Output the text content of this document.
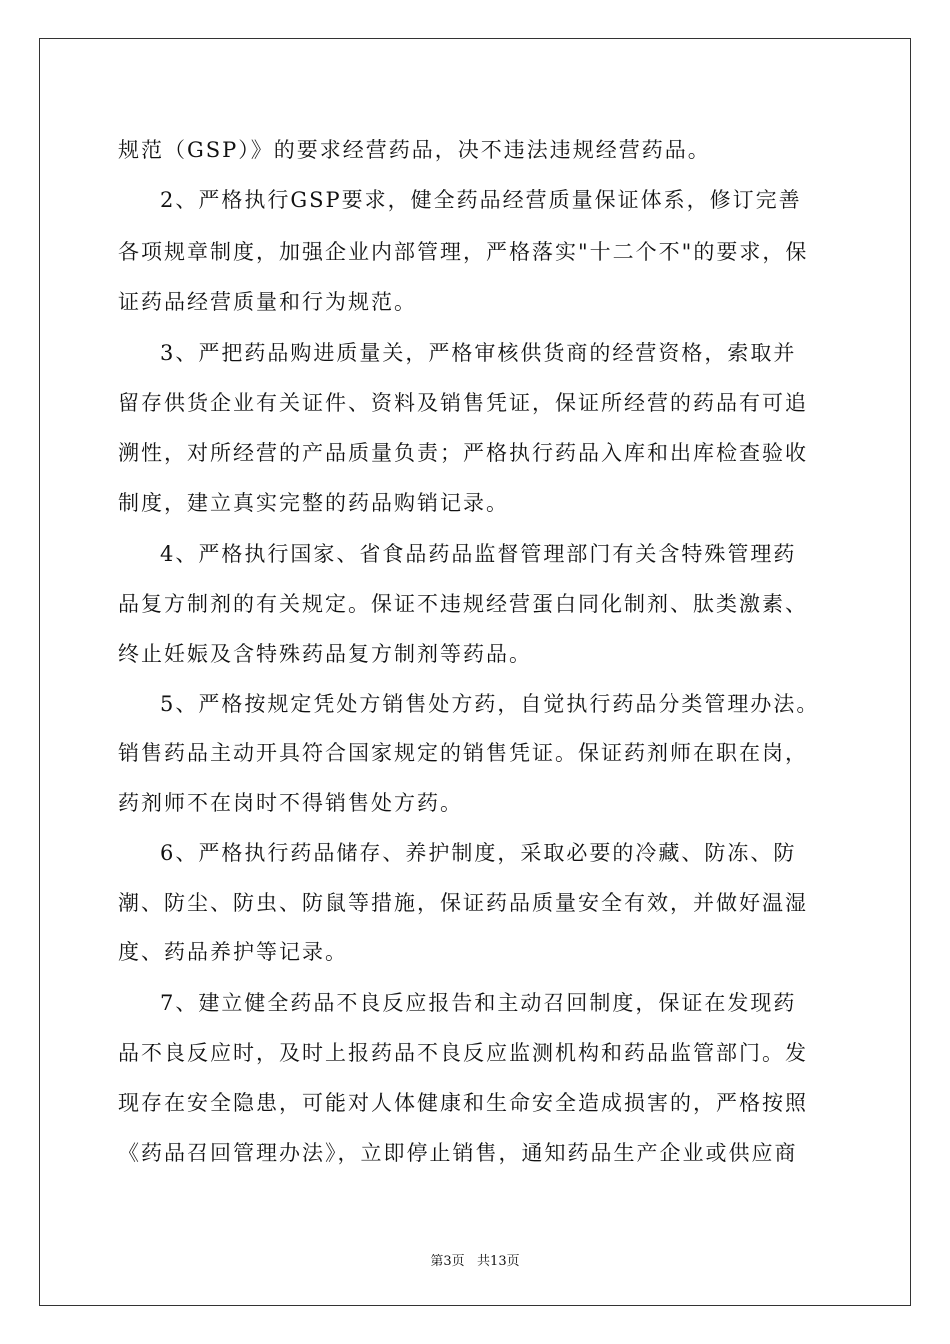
规范（GSP）》的要求经营药品，决不违法违规经营药品。
2、严格执行GSP要求，健全药品经营质量保证体系，修订完善
各项规章制度，加强企业内部管理，严格落实"十二个不"的要求，保
证药品经营质量和行为规范。
3、严把药品购进质量关，严格审核供货商的经营资格，索取并
留存供货企业有关证件、资料及销售凭证，保证所经营的药品有可追
溯性，对所经营的产品质量负责；严格执行药品入库和出库检查验收
制度，建立真实完整的药品购销记录。
4、严格执行国家、省食品药品监督管理部门有关含特殊管理药
品复方制剂的有关规定。保证不违规经营蛋白同化制剂、肽类激素、
终止妊娠及含特殊药品复方制剂等药品。
5、严格按规定凭处方销售处方药，自觉执行药品分类管理办法。
销售药品主动开具符合国家规定的销售凭证。保证药剂师在职在岗，
药剂师不在岗时不得销售处方药。
6、严格执行药品储存、养护制度，采取必要的冷藏、防冻、防
潮、防尘、防虫、防鼠等措施，保证药品质量安全有效，并做好温湿
度、药品养护等记录。
7、建立健全药品不良反应报告和主动召回制度，保证在发现药
品不良反应时，及时上报药品不良反应监测机构和药品监管部门。发
现存在安全隐患，可能对人体健康和生命安全造成损害的，严格按照
《药品召回管理办法》，立即停止销售，通知药品生产企业或供应商
第3页   共13页
